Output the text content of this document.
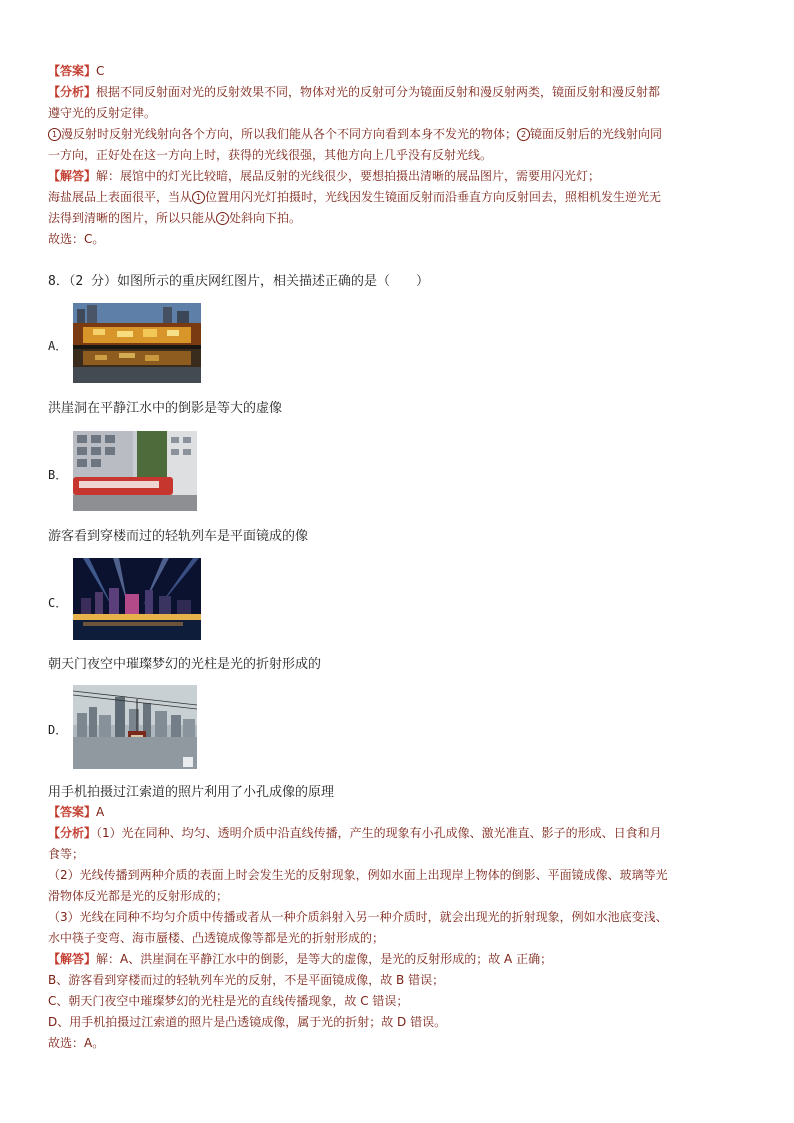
【答案】C
【分析】根据不同反射面对光的反射效果不同，物体对光的反射可分为镜面反射和漫反射两类，镜面反射和漫反射都
遵守光的反射定律。
1 漫反射时反射光线射向各个方向，所以我们能从各个不同方向看到本身不发光的物体； 2 镜面反射后的光线射向同
一方向，正好处在这一方向上时，获得的光线很强，其他方向上几乎没有反射光线。
【解答】解：展馆中的灯光比较暗，展品反射的光线很少，要想拍摄出清晰的展品图片，需要用闪光灯；
海盐展品上表面很平，当从 1 位置用闪光灯拍摄时，光线因发生镜面反射而沿垂直方向反射回去，照相机发生逆光无
法得到清晰的图片，所以只能从 2 处斜向下拍。
故选：C。
8．（2 分）如图所示的重庆网红图片，相关描述正确的是（　　）
A．
洪崖洞在平静江水中的倒影是等大的虚像
B．
游客看到穿楼而过的轻轨列车是平面镜成的像
C．
朝天门夜空中璀璨梦幻的光柱是光的折射形成的
D．
用手机拍摄过江索道的照片利用了小孔成像的原理
【答案】A
【分析】（1）光在同种、均匀、透明介质中沿直线传播，产生的现象有小孔成像、激光准直、影子的形成、日食和月
食等；
（2）光线传播到两种介质的表面上时会发生光的反射现象，例如水面上出现岸上物体的倒影、平面镜成像、玻璃等光
滑物体反光都是光的反射形成的；
（3）光线在同种不均匀介质中传播或者从一种介质斜射入另一种介质时，就会出现光的折射现象，例如水池底变浅、
水中筷子变弯、海市蜃楼、凸透镜成像等都是光的折射形成的；
【解答】解：A、洪崖洞在平静江水中的倒影，是等大的虚像，是光的反射形成的；故 A 正确；
B、游客看到穿楼而过的轻轨列车光的反射，不是平面镜成像，故 B 错误；
C、朝天门夜空中璀璨梦幻的光柱是光的直线传播现象，故 C 错误；
D、用手机拍摄过江索道的照片是凸透镜成像，属于光的折射；故 D 错误。
故选：A。
